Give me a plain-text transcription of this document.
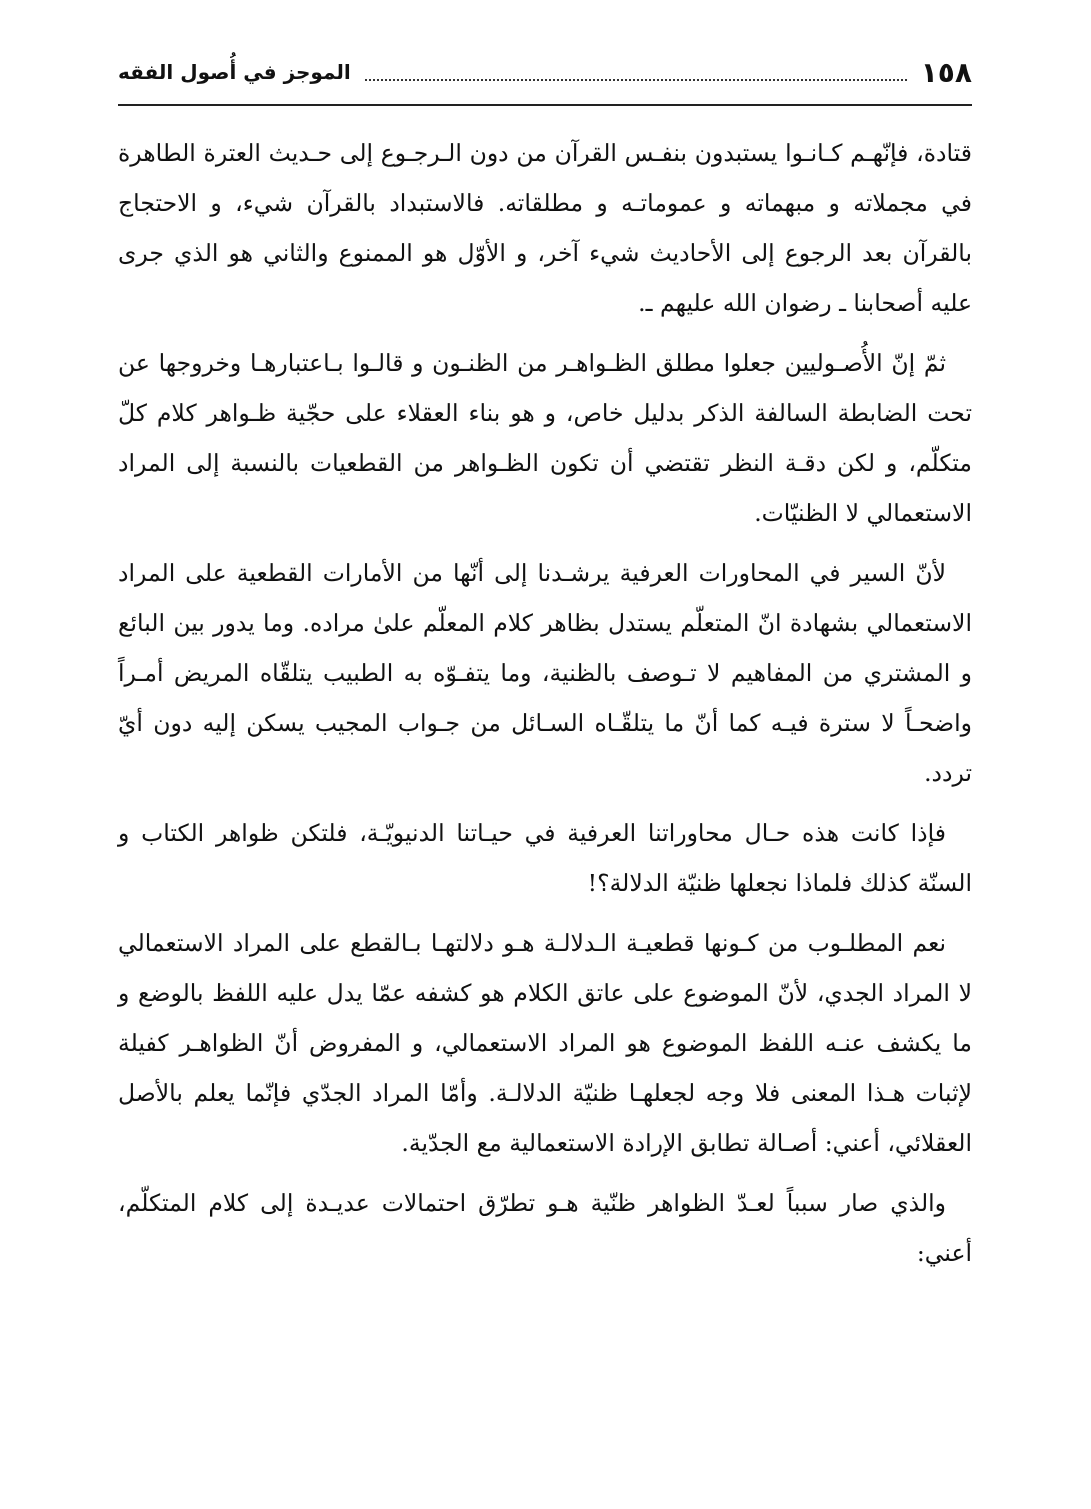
١٥٨
الموجز في أُصول الفقه

قتادة، فإنّهـم كـانـوا يستبدون بنفـس القرآن من دون الـرجـوع إلى حـديث العترة الطاهرة في مجملاته و مبهماته و عموماتـه و مطلقاته. فالاستبداد بالقرآن شيء، و الاحتجاج بالقرآن بعد الرجوع إلى الأحاديث شيء آخر، و الأوّل هو الممنوع والثاني هو الذي جرى عليه أصحابنا ـ رضوان الله عليهم ـ.

ثمّ إنّ الأُصـوليين جعلوا مطلق الظـواهـر من الظنـون و قالـوا بـاعتبارهـا وخروجها عن تحت الضابطة السالفة الذكر بدليل خاص، و هو بناء العقلاء على حجّية ظـواهر كلام كلّ متكلّم، و لكن دقـة النظر تقتضي أن تكون الظـواهر من القطعيات بالنسبة إلى المراد الاستعمالي لا الظنيّات.

لأنّ السير في المحاورات العرفية يرشـدنا إلى أنّها من الأمارات القطعية على المراد الاستعمالي بشهادة انّ المتعلّم يستدل بظاهر كلام المعلّم علىٰ مراده. وما يدور بين البائع و المشتري من المفاهيم لا تـوصف بالظنية، وما يتفـوّه به الطبيب يتلقّاه المريض أمـراً واضحـاً لا سترة فيـه كما أنّ ما يتلقّـاه السـائل من جـواب المجيب يسكن إليه دون أيّ تردد.

فإذا كانت هذه حـال محاوراتنا العرفية في حيـاتنا الدنيويّـة، فلتكن ظواهر الكتاب و السنّة كذلك فلماذا نجعلها ظنيّة الدلالة؟!

نعم المطلـوب من كـونها قطعيـة الـدلالـة هـو دلالتهـا بـالقطع على المراد الاستعمالي لا المراد الجدي، لأنّ الموضوع على عاتق الكلام هو كشفه عمّا يدل عليه اللفظ بالوضع و ما يكشف عنـه اللفظ الموضوع هو المراد الاستعمالي، و المفروض أنّ الظواهـر كفيلة لإثبات هـذا المعنى فلا وجه لجعلهـا ظنيّة الدلالـة. وأمّا المراد الجدّي فإنّما يعلم بالأصل العقلائي، أعني: أصـالة تطابق الإرادة الاستعمالية مع الجدّية.

والذي صار سبباً لعـدّ الظواهر ظنّية هـو تطرّق احتمالات عديـدة إلى كلام المتكلّم، أعني:
